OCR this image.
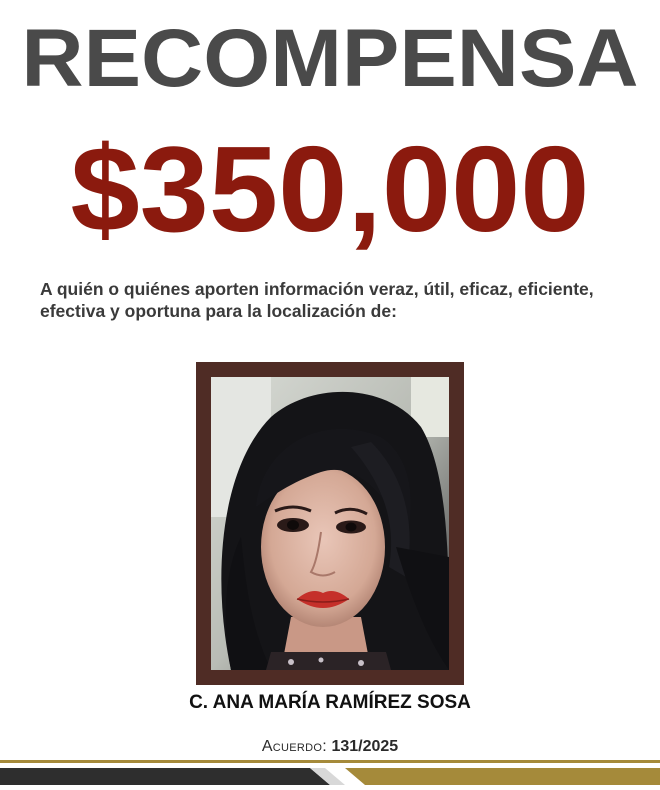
RECOMPENSA
$350,000
A quién o quiénes aporten información veraz, útil, eficaz, eficiente, efectiva y oportuna para la localización de:
C. ANA MARÍA RAMÍREZ SOSA
Acuerdo: 131/2025
